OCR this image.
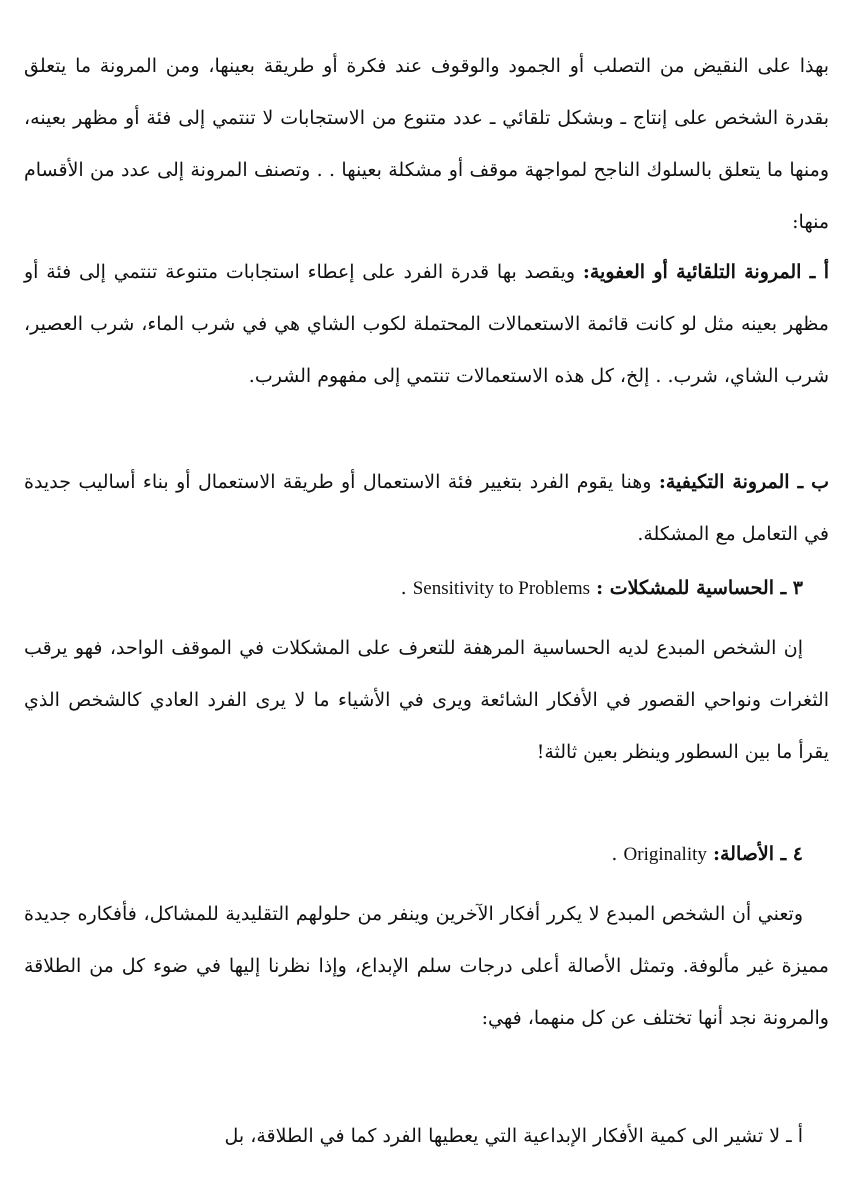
بهذا على النقيض من التصلب أو الجمود والوقوف عند فكرة أو طريقة بعينها، ومن المرونة ما يتعلق بقدرة الشخص على إنتاج ـ وبشكل تلقائي ـ عدد متنوع من الاستجابات لا تنتمي إلى فئة أو مظهر بعينه، ومنها ما يتعلق بالسلوك الناجح لمواجهة موقف أو مشكلة بعينها . . وتصنف المرونة إلى عدد من الأقسام منها:

أ ـ المرونة التلقائية أو العفوية: ويقصد بها قدرة الفرد على إعطاء استجابات متنوعة تنتمي إلى فئة أو مظهر بعينه مثل لو كانت قائمة الاستعمالات المحتملة لكوب الشاي هي في شرب الماء، شرب العصير، شرب الشاي، شرب. . إلخ، كل هذه الاستعمالات تنتمي إلى مفهوم الشرب.

ب ـ المرونة التكيفية: وهنا يقوم الفرد بتغيير فئة الاستعمال أو طريقة الاستعمال أو بناء أساليب جديدة في التعامل مع المشكلة.

٣ ـ الحساسية للمشكلات : Sensitivity to Problems .

إن الشخص المبدع لديه الحساسية المرهفة للتعرف على المشكلات في الموقف الواحد، فهو يرقب الثغرات ونواحي القصور في الأفكار الشائعة ويرى في الأشياء ما لا يرى الفرد العادي كالشخص الذي يقرأ ما بين السطور وينظر بعين ثالثة!

٤ ـ الأصالة: Originality .

وتعني أن الشخص المبدع لا يكرر أفكار الآخرين وينفر من حلولهم التقليدية للمشاكل، فأفكاره جديدة مميزة غير مألوفة. وتمثل الأصالة أعلى درجات سلم الإبداع، وإذا نظرنا إليها في ضوء كل من الطلاقة والمرونة نجد أنها تختلف عن كل منهما، فهي:

أ ـ لا تشير الى كمية الأفكار الإبداعية التي يعطيها الفرد كما في الطلاقة، بل
